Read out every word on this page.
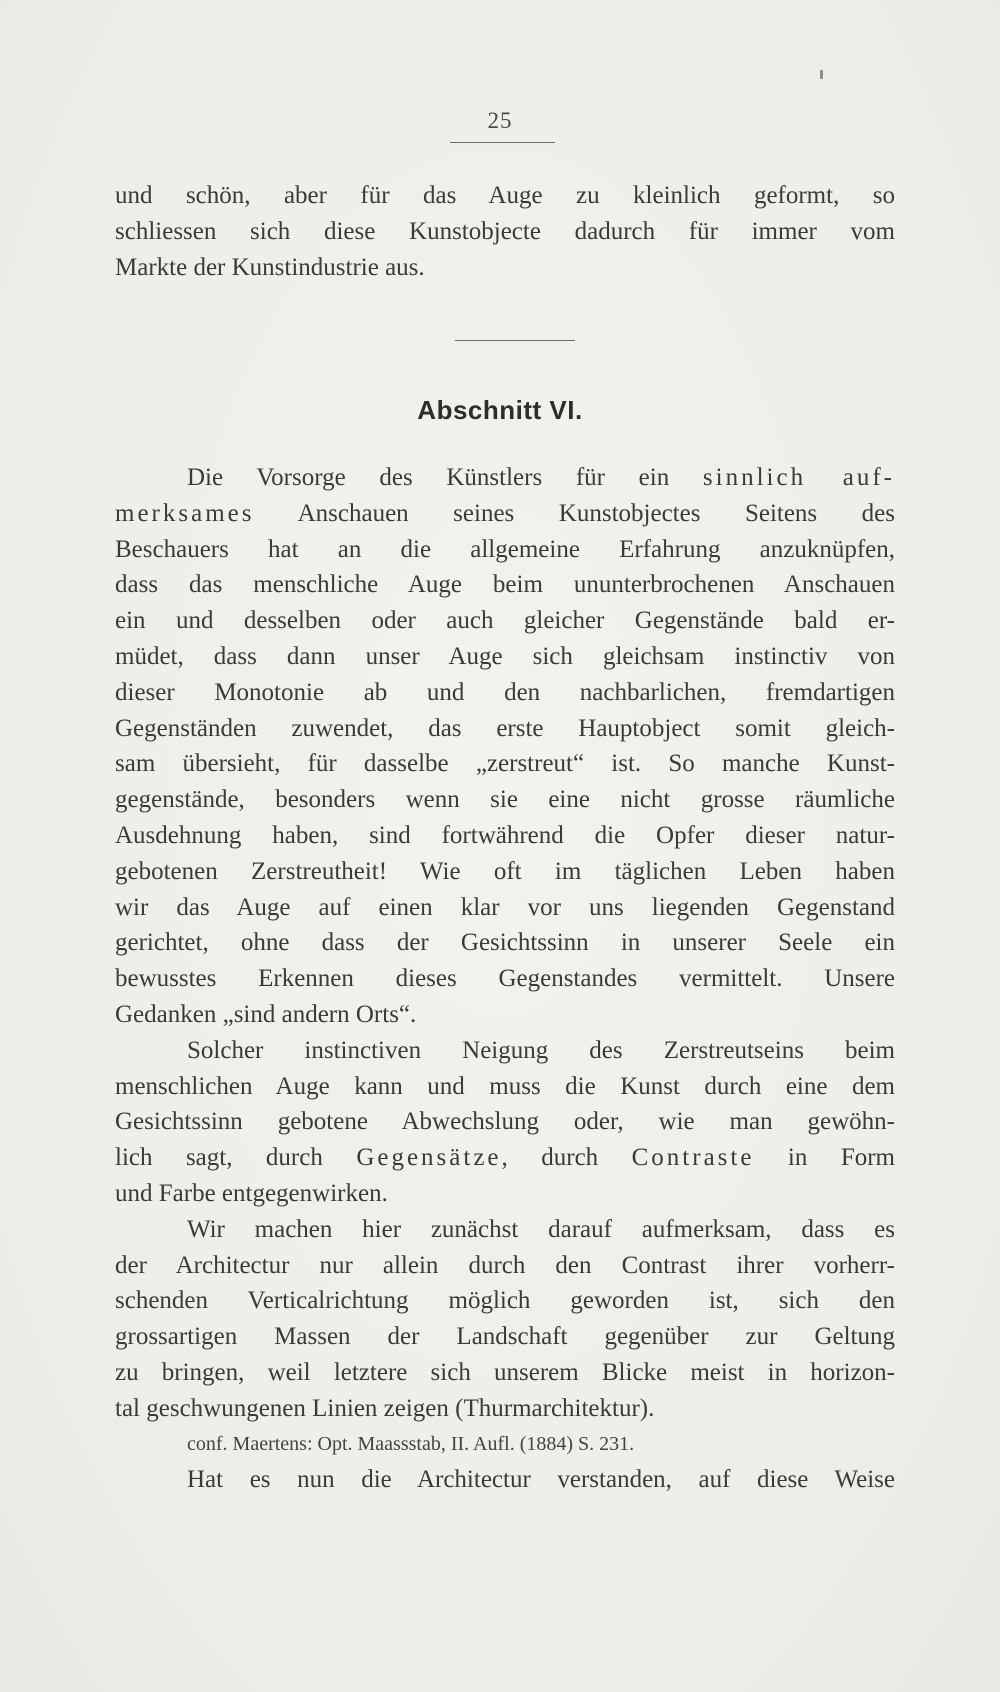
25
und schön, aber für das Auge zu kleinlich geformt, so
schliessen sich diese Kunstobjecte dadurch für immer vom
Markte der Kunstindustrie aus.
Abschnitt VI.
Die Vorsorge des Künstlers für ein sinnlich auf-
merksames Anschauen seines Kunstobjectes Seitens des
Beschauers hat an die allgemeine Erfahrung anzuknüpfen,
dass das menschliche Auge beim ununterbrochenen Anschauen
ein und desselben oder auch gleicher Gegenstände bald er-
müdet, dass dann unser Auge sich gleichsam instinctiv von
dieser Monotonie ab und den nachbarlichen, fremdartigen
Gegenständen zuwendet, das erste Hauptobject somit gleich-
sam übersieht, für dasselbe „zerstreut“ ist. So manche Kunst-
gegenstände, besonders wenn sie eine nicht grosse räumliche
Ausdehnung haben, sind fortwährend die Opfer dieser natur-
gebotenen Zerstreutheit! Wie oft im täglichen Leben haben
wir das Auge auf einen klar vor uns liegenden Gegenstand
gerichtet, ohne dass der Gesichtssinn in unserer Seele ein
bewusstes Erkennen dieses Gegenstandes vermittelt. Unsere
Gedanken „sind andern Orts“.
Solcher instinctiven Neigung des Zerstreutseins beim
menschlichen Auge kann und muss die Kunst durch eine dem
Gesichtssinn gebotene Abwechslung oder, wie man gewöhn-
lich sagt, durch Gegensätze, durch Contraste in Form
und Farbe entgegenwirken.
Wir machen hier zunächst darauf aufmerksam, dass es
der Architectur nur allein durch den Contrast ihrer vorherr-
schenden Verticalrichtung möglich geworden ist, sich den
grossartigen Massen der Landschaft gegenüber zur Geltung
zu bringen, weil letztere sich unserem Blicke meist in horizon-
tal geschwungenen Linien zeigen (Thurmarchitektur).
conf. Maertens: Opt. Maassstab, II. Aufl. (1884) S. 231.
Hat es nun die Architectur verstanden, auf diese Weise
